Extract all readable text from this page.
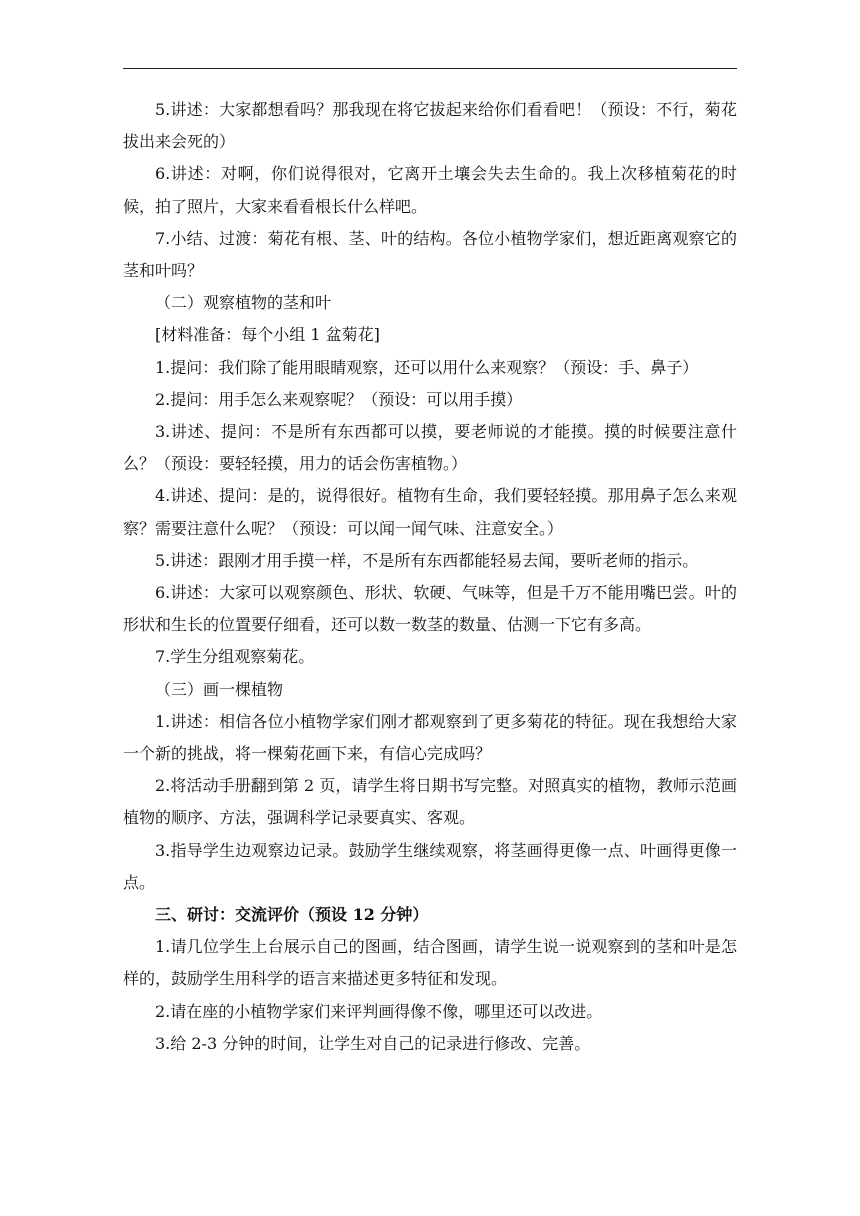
5.讲述：大家都想看吗？那我现在将它拔起来给你们看看吧！（预设：不行，菊花拔出来会死的）

6.讲述：对啊，你们说得很对，它离开土壤会失去生命的。我上次移植菊花的时候，拍了照片，大家来看看根长什么样吧。

7.小结、过渡：菊花有根、茎、叶的结构。各位小植物学家们，想近距离观察它的茎和叶吗？

（二）观察植物的茎和叶

[材料准备：每个小组 1 盆菊花]

1.提问：我们除了能用眼睛观察，还可以用什么来观察？（预设：手、鼻子）

2.提问：用手怎么来观察呢？（预设：可以用手摸）

3.讲述、提问：不是所有东西都可以摸，要老师说的才能摸。摸的时候要注意什么？（预设：要轻轻摸，用力的话会伤害植物。）

4.讲述、提问：是的，说得很好。植物有生命，我们要轻轻摸。那用鼻子怎么来观察？需要注意什么呢？（预设：可以闻一闻气味、注意安全。）

5.讲述：跟刚才用手摸一样，不是所有东西都能轻易去闻，要听老师的指示。

6.讲述：大家可以观察颜色、形状、软硬、气味等，但是千万不能用嘴巴尝。叶的形状和生长的位置要仔细看，还可以数一数茎的数量、估测一下它有多高。

7.学生分组观察菊花。

（三）画一棵植物

1.讲述：相信各位小植物学家们刚才都观察到了更多菊花的特征。现在我想给大家一个新的挑战，将一棵菊花画下来，有信心完成吗？

2.将活动手册翻到第 2 页，请学生将日期书写完整。对照真实的植物，教师示范画植物的顺序、方法，强调科学记录要真实、客观。

3.指导学生边观察边记录。鼓励学生继续观察，将茎画得更像一点、叶画得更像一点。

三、研讨：交流评价（预设 12 分钟）

1.请几位学生上台展示自己的图画，结合图画，请学生说一说观察到的茎和叶是怎样的，鼓励学生用科学的语言来描述更多特征和发现。

2.请在座的小植物学家们来评判画得像不像，哪里还可以改进。

3.给 2-3 分钟的时间，让学生对自己的记录进行修改、完善。
